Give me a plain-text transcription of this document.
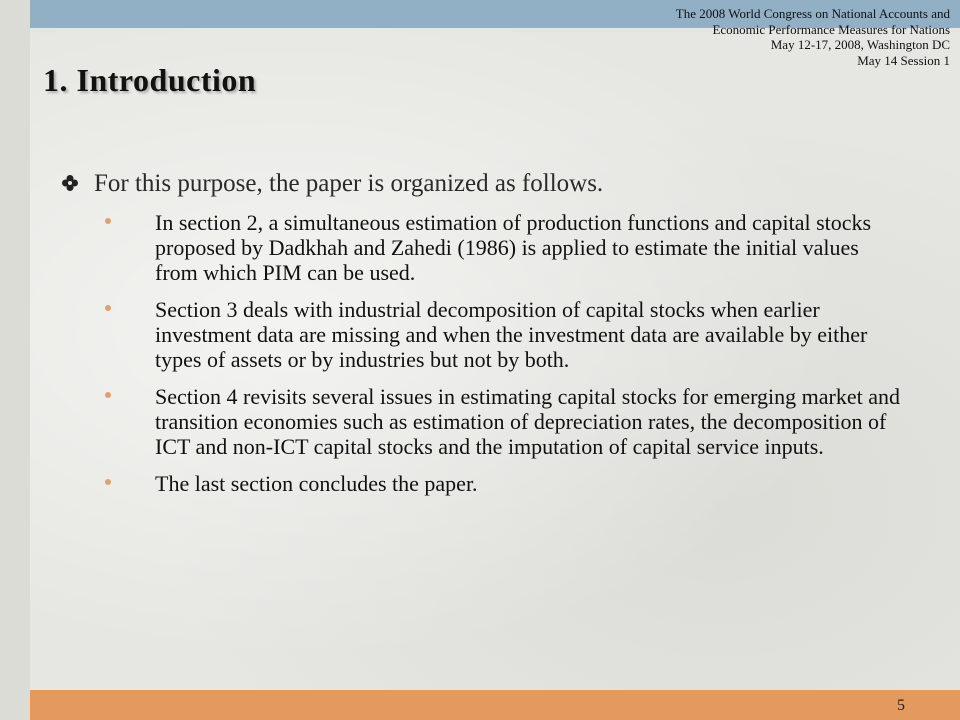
The 2008 World Congress on National Accounts and
Economic Performance Measures for Nations
May 12-17, 2008, Washington DC
May 14 Session 1
1. Introduction
For this purpose, the paper is organized as follows.
In section 2, a simultaneous estimation of production functions and capital stocks proposed by Dadkhah and Zahedi (1986) is applied to estimate the initial values from which PIM can be used.
Section 3 deals with industrial decomposition of capital stocks when earlier investment data are missing and when the investment data are available by either types of assets or by industries but not by both.
Section 4 revisits several issues in estimating capital stocks for emerging market and transition economies such as estimation of depreciation rates, the decomposition of ICT and non-ICT capital stocks and the imputation of capital service inputs.
The last section concludes the paper.
5
